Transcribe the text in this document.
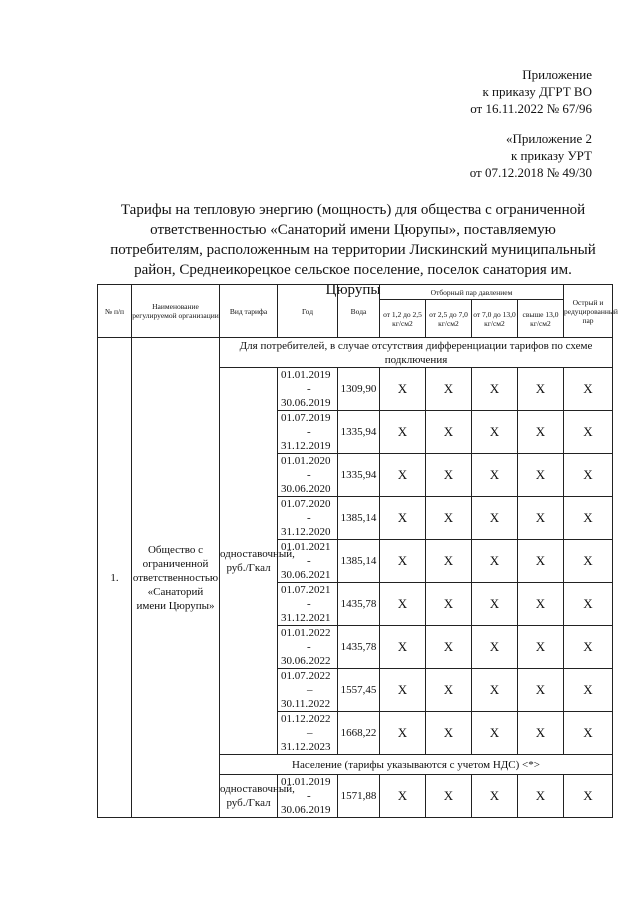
Приложение
к приказу ДГРТ ВО
от 16.11.2022 № 67/96
«Приложение 2
к приказу УРТ
от 07.12.2018 № 49/30
Тарифы на тепловую энергию (мощность) для общества с ограниченной
ответственностью «Санаторий имени Цюрупы», поставляемую
потребителям, расположенным на территории Лискинский муниципальный
район, Среднеикорецкое сельское поселение, поселок санатория им. Цюрупы
№ п/п	Наименование регулируемой организации	Вид тарифа	Год	Вода	Отборный пар давлением				Острый и редуцированный пар
					от 1,2 до 2,5 кг/см2	от 2,5 до 7,0 кг/см2	от 7,0 до 13,0 кг/см2	свыше 13,0 кг/см2	
1.	Общество с ограниченной ответственностью «Санаторий имени Цюрупы»	Для потребителей, в случае отсутствия дифференциации тарифов по схеме подключения							
		одноставочный, руб./Гкал	01.01.2019
-
30.06.2019	1309,90	X	X	X	X	X

			01.07.2019
-
31.12.2019	1335,94	X	X	X	X	X

			01.01.2020
-
30.06.2020	1335,94	X	X	X	X	X

			01.07.2020
-
31.12.2020	1385,14	X	X	X	X	X

			01.01.2021
-
30.06.2021	1385,14	X	X	X	X	X

			01.07.2021
-
31.12.2021	1435,78	X	X	X	X	X

			01.01.2022
-
30.06.2022	1435,78	X	X	X	X	X

			01.07.2022
–
30.11.2022	1557,45	X	X	X	X	X

			01.12.2022
–
31.12.2023	1668,22	X	X	X	X	X
		Население (тарифы указываются с учетом НДС) <*>							
		одноставочный, руб./Гкал	01.01.2019
-
30.06.2019	1571,88	X	X	X	X	X
